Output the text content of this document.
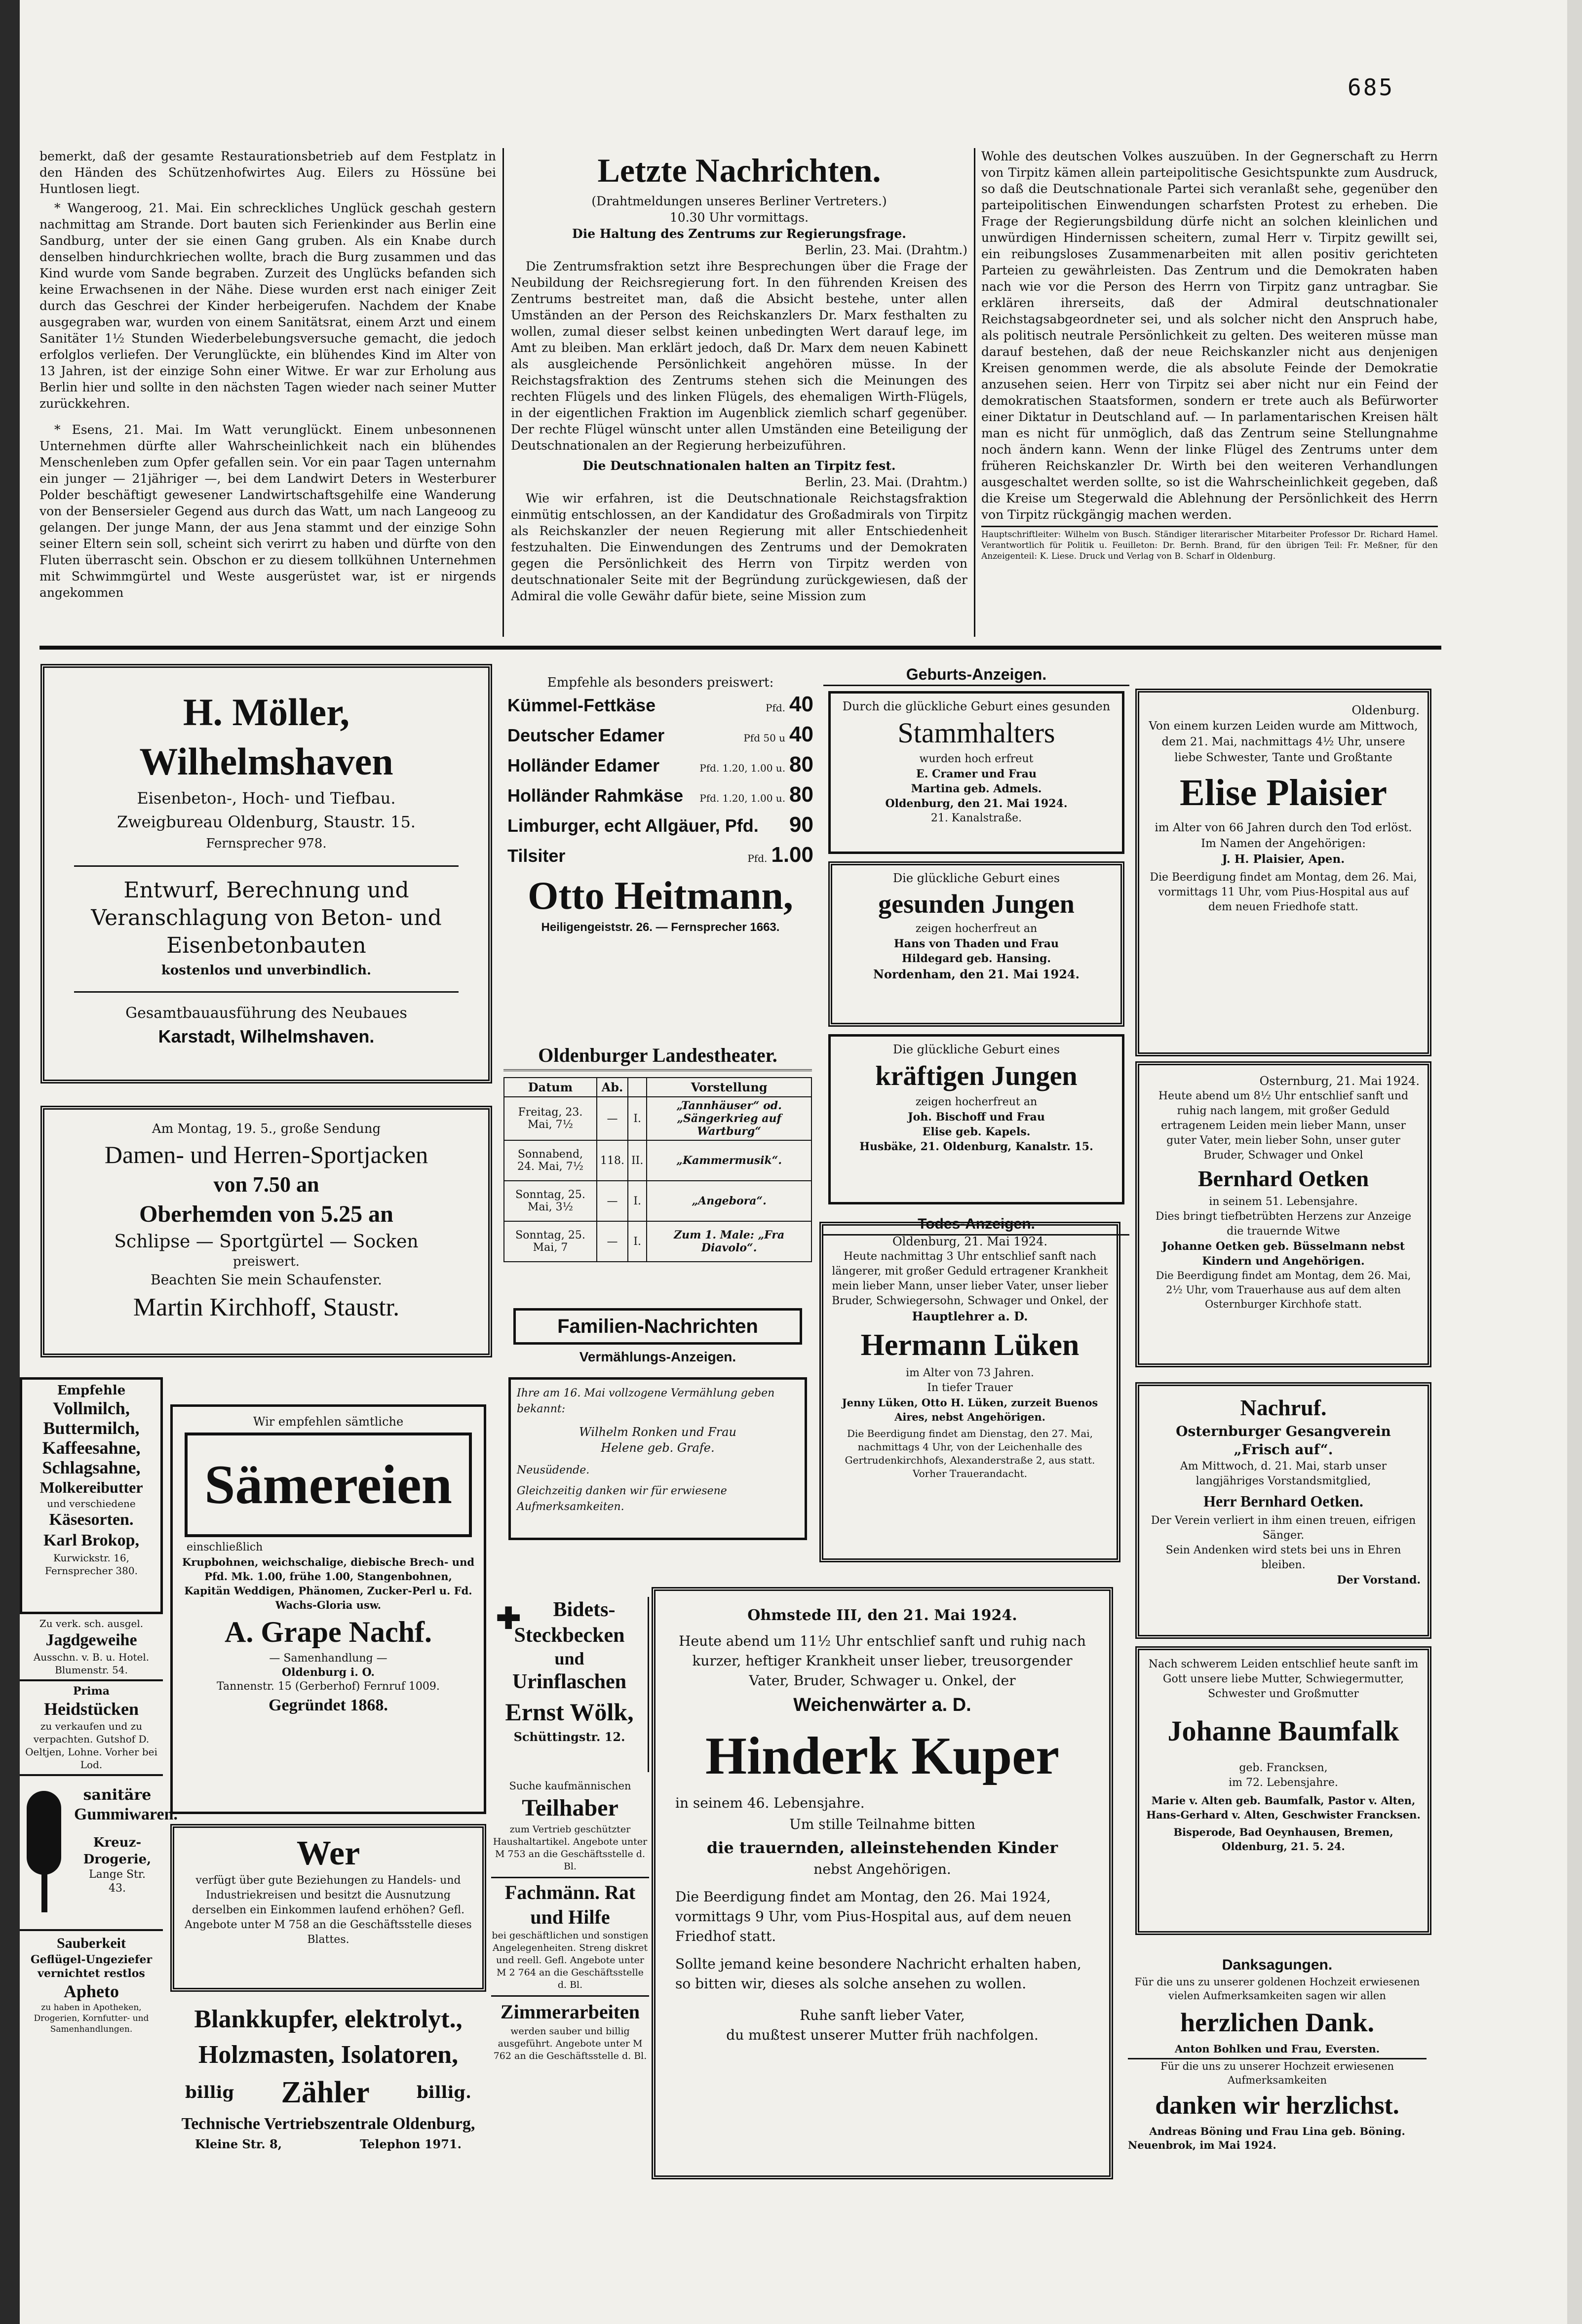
685

bemerkt, daß der gesamte Restaurationsbetrieb auf dem Festplatz in den Händen des Schützenhofwirtes Aug. Eilers zu Hössüne bei Huntlosen liegt.

* Wangeroog, 21. Mai. Ein schreckliches Unglück geschah gestern nachmittag am Strande. Dort bauten sich Ferienkinder aus Berlin eine Sandburg, unter der sie einen Gang gruben. Als ein Knabe durch denselben hindurchkriechen wollte, brach die Burg zusammen und das Kind wurde vom Sande begraben. Zurzeit des Unglücks befanden sich keine Erwachsenen in der Nähe. Diese wurden erst nach einiger Zeit durch das Geschrei der Kinder herbeigerufen. Nachdem der Knabe ausgegraben war, wurden von einem Sanitätsrat, einem Arzt und einem Sanitäter 1½ Stunden Wiederbelebungsversuche gemacht, die jedoch erfolglos verliefen. Der Verunglückte, ein blühendes Kind im Alter von 13 Jahren, ist der einzige Sohn einer Witwe. Er war zur Erholung aus Berlin hier und sollte in den nächsten Tagen wieder nach seiner Mutter zurückkehren.

* Esens, 21. Mai. Im Watt verunglückt. Einem unbesonnenen Unternehmen dürfte aller Wahrscheinlichkeit nach ein blühendes Menschenleben zum Opfer gefallen sein. Vor ein paar Tagen unternahm ein junger — 21jähriger —, bei dem Landwirt Deters in Westerburer Polder beschäftigt gewesener Landwirtschaftsgehilfe eine Wanderung von der Bensersieler Gegend aus durch das Watt, um nach Langeoog zu gelangen. Der junge Mann, der aus Jena stammt und der einzige Sohn seiner Eltern sein soll, scheint sich verirrt zu haben und dürfte von den Fluten überrascht sein. Obschon er zu diesem tollkühnen Unternehmen mit Schwimmgürtel und Weste ausgerüstet war, ist er nirgends angekommen

Letzte Nachrichten.
(Drahtmeldungen unseres Berliner Vertreters.)
10.30 Uhr vormittags.
Die Haltung des Zentrums zur Regierungsfrage.
Berlin, 23. Mai. (Drahtm.)

Die Zentrumsfraktion setzt ihre Besprechungen über die Frage der Neubildung der Reichsregierung fort. In den führenden Kreisen des Zentrums bestreitet man, daß die Absicht bestehe, unter allen Umständen an der Person des Reichskanzlers Dr. Marx festhalten zu wollen, zumal dieser selbst keinen unbedingten Wert darauf lege, im Amt zu bleiben. Man erklärt jedoch, daß Dr. Marx dem neuen Kabinett als ausgleichende Persönlichkeit angehören müsse. In der Reichstagsfraktion des Zentrums stehen sich die Meinungen des rechten Flügels und des linken Flügels, des ehemaligen Wirth-Flügels, in der eigentlichen Fraktion im Augenblick ziemlich scharf gegenüber. Der rechte Flügel wünscht unter allen Umständen eine Beteiligung der Deutschnationalen an der Regierung herbeizuführen.

Die Deutschnationalen halten an Tirpitz fest.
Berlin, 23. Mai. (Drahtm.)

Wie wir erfahren, ist die Deutschnationale Reichstagsfraktion einmütig entschlossen, an der Kandidatur des Großadmirals von Tirpitz als Reichskanzler der neuen Regierung mit aller Entschiedenheit festzuhalten. Die Einwendungen des Zentrums und der Demokraten gegen die Persönlichkeit des Herrn von Tirpitz werden von deutschnationaler Seite mit der Begründung zurückgewiesen, daß der Admiral die volle Gewähr dafür biete, seine Mission zum

Wohle des deutschen Volkes auszuüben. In der Gegnerschaft zu Herrn von Tirpitz kämen allein parteipolitische Gesichtspunkte zum Ausdruck, so daß die Deutschnationale Partei sich veranlaßt sehe, gegenüber den parteipolitischen Einwendungen scharfsten Protest zu erheben. Die Frage der Regierungsbildung dürfe nicht an solchen kleinlichen und unwürdigen Hindernissen scheitern, zumal Herr v. Tirpitz gewillt sei, ein reibungsloses Zusammenarbeiten mit allen positiv gerichteten Parteien zu gewährleisten. Das Zentrum und die Demokraten haben nach wie vor die Person des Herrn von Tirpitz ganz untragbar. Sie erklären ihrerseits, daß der Admiral deutschnationaler Reichstagsabgeordneter sei, und als solcher nicht den Anspruch habe, als politisch neutrale Persönlichkeit zu gelten. Des weiteren müsse man darauf bestehen, daß der neue Reichskanzler nicht aus denjenigen Kreisen genommen werde, die als absolute Feinde der Demokratie anzusehen seien. Herr von Tirpitz sei aber nicht nur ein Feind der demokratischen Staatsformen, sondern er trete auch als Befürworter einer Diktatur in Deutschland auf. — In parlamentarischen Kreisen hält man es nicht für unmöglich, daß das Zentrum seine Stellungnahme noch ändern kann. Wenn der linke Flügel des Zentrums unter dem früheren Reichskanzler Dr. Wirth bei den weiteren Verhandlungen ausgeschaltet werden sollte, so ist die Wahrscheinlichkeit gegeben, daß die Kreise um Stegerwald die Ablehnung der Persönlichkeit des Herrn von Tirpitz rückgängig machen werden.

Hauptschriftleiter: Wilhelm von Busch. Ständiger literarischer Mitarbeiter Professor Dr. Richard Hamel. Verantwortlich für Politik u. Feuilleton: Dr. Bernh. Brand, für den übrigen Teil: Fr. Meßner, für den Anzeigenteil: K. Liese. Druck und Verlag von B. Scharf in Oldenburg.
H. Möller, Wilhelmshaven
Eisenbeton-, Hoch- und Tiefbau.
Zweigbureau Oldenburg, Staustr. 15.
Fernsprecher 978.
Entwurf, Berechnung und
Veranschlagung von Beton- und
Eisenbetonbauten
kostenlos und unverbindlich.
Gesamtbauausführung des Neubaues
Karstadt, Wilhelmshaven.
Empfehle als besonders preiswert:
Kümmel-Fettkäse	Pfd. 40
Deutscher Edamer	Pfd 50 u 40
Holländer Edamer	Pfd. 1.20, 1.00 u. 80
Holländer Rahmkäse Pfd. 1.20, 1.00 u. 80
Limburger, echt Allgäuer, Pfd. 90
Tilsiter	Pfd. 1.00
Otto Heitmann,
Heiligengeiststr. 26. — Fernsprecher 1663.
Geburts-Anzeigen.
Durch die glückliche Geburt eines gesunden
Stammhalters
wurden hoch erfreut
E. Cramer und Frau
Martina geb. Admels.
Oldenburg, den 21. Mai 1924.
21. Kanalstraße.
Die glückliche Geburt eines
gesunden Jungen
zeigen hocherfreut an
Hans von Thaden und Frau
Hildegard geb. Hansing.
Nordenham, den 21. Mai 1924.
Die glückliche Geburt eines
kräftigen Jungen
zeigen hocherfreut an
Joh. Bischoff und Frau
Elise geb. Kapels.
Husbäke, 21. Oldenburg, Kanalstr. 15.
Todes-Anzeigen.
Oldenburg.
Von einem kurzen Leiden wurde am Mittwoch, dem 21. Mai, nachmittags 4½ Uhr, unsere liebe Schwester, Tante und Großtante
Elise Plaisier
im Alter von 66 Jahren durch den Tod erlöst.
Im Namen der Angehörigen:
J. H. Plaisier, Apen.
Die Beerdigung findet am Montag, dem 26. Mai, vormittags 11 Uhr, vom Pius-Hospital aus auf dem neuen Friedhofe statt.
Am Montag, 19. 5., große Sendung
Damen- und Herren-Sportjacken
von 7.50 an
Oberhemden von 5.25 an
Schlipse — Sportgürtel — Socken
preiswert.
Beachten Sie mein Schaufenster.
Martin Kirchhoff, Staustr.
Oldenburger Landestheater.
Datum	Ab.		Vorstellung
Freitag, 23. Mai, 7½	—	I.	„Tannhäuser“ od. „Sängerkrieg auf Wartburg“
Sonnabend, 24. Mai, 7½	118.	II.	„Kammermusik“.
Sonntag, 25. Mai, 3½	—	I.	„Angebora“.
Sonntag, 25. Mai, 7	—	I.	Zum 1. Male: „Fra Diavolo“.
Osternburg, 21. Mai 1924.
Heute abend um 8½ Uhr entschlief sanft und ruhig nach langem, mit großer Geduld ertragenem Leiden mein lieber Mann, unser guter Vater, mein lieber Sohn, unser guter Bruder, Schwager und Onkel
Bernhard Oetken
in seinem 51. Lebensjahre.
Dies bringt tiefbetrübten Herzens zur Anzeige die trauernde Witwe
Johanne Oetken geb. Büsselmann nebst Kindern und Angehörigen.
Die Beerdigung findet am Montag, dem 26. Mai, 2½ Uhr, vom Trauerhause aus auf dem alten Osternburger Kirchhofe statt.
Oldenburg, 21. Mai 1924.
Heute nachmittag 3 Uhr entschlief sanft nach längerer, mit großer Geduld ertragener Krankheit mein lieber Mann, unser lieber Vater, unser lieber Bruder, Schwiegersohn, Schwager und Onkel, der
Hauptlehrer a. D.
Hermann Lüken
im Alter von 73 Jahren.
In tiefer Trauer
Jenny Lüken, Otto H. Lüken, zurzeit Buenos Aires, nebst Angehörigen.
Die Beerdigung findet am Dienstag, den 27. Mai, nachmittags 4 Uhr, von der Leichenhalle des Gertrudenkirchhofs, Alexanderstraße 2, aus statt. Vorher Trauerandacht.
Familien-Nachrichten
Vermählungs-Anzeigen.
Ihre am 16. Mai vollzogene Vermählung geben bekannt:
Wilhelm Ronken und Frau
Helene geb. Grafe.
Neusüdende.
Gleichzeitig danken wir für erwiesene Aufmerksamkeiten.
Nachruf.
Osternburger Gesangverein
„Frisch auf“.
Am Mittwoch, d. 21. Mai, starb unser langjähriges Vorstandsmitglied,
Herr Bernhard Oetken.
Der Verein verliert in ihm einen treuen, eifrigen Sänger.
Sein Andenken wird stets bei uns in Ehren bleiben.
Der Vorstand.
Empfehle
Vollmilch,
Buttermilch,
Kaffeesahne,
Schlagsahne,
Molkereibutter
und verschiedene
Käsesorten.
Karl Brokop,
Kurwickstr. 16,
Fernsprecher 380.
Zu verk. sch. ausgel.
Jagdgeweihe
Ausschn. v. B. u. Hotel. Blumenstr. 54.
Prima
Heidstücken
zu verkaufen und zu verpachten. Gutshof D. Oeltjen, Lohne. Vorher bei Lod.
sanitäre
Gummiwaren.
Kreuz-
Drogerie,
Lange Str.
43.
Sauberkeit
Geflügel-Ungeziefer
vernichtet restlos
Apheto
zu haben in Apotheken, Drogerien, Kornfutter- und Samenhandlungen.
Wir empfehlen sämtliche
Sämereien
einschließlich
Krupbohnen, weichschalige, diebische Brech- und Pfd. Mk. 1.00, frühe 1.00, Stangenbohnen, Kapitän Weddigen, Phänomen, Zucker-Perl u. Fd. Wachs-Gloria usw.
A. Grape Nachf.
— Samenhandlung —
Oldenburg i. O.
Tannenstr. 15 (Gerberhof) Fernruf 1009.
Gegründet 1868.
✚	Bidets-
Steckbecken
und
Urinflaschen
Ernst Wölk,
Schüttingstr. 12.
Suche kaufmännischen
Teilhaber
zum Vertrieb geschützter Haushaltartikel. Angebote unter M 753 an die Geschäftsstelle d. Bl.
Fachmänn. Rat und Hilfe
bei geschäftlichen und sonstigen Angelegenheiten. Streng diskret und reell. Gefl. Angebote unter M 2 764 an die Geschäftsstelle d. Bl.
Zimmerarbeiten
werden sauber und billig ausgeführt. Angebote unter M 762 an die Geschäftsstelle d. Bl.
Wer
verfügt über gute Beziehungen zu Handels- und Industriekreisen und besitzt die Ausnutzung derselben ein Einkommen laufend erhöhen? Gefl. Angebote unter M 758 an die Geschäftsstelle dieses Blattes.
Blankkupfer, elektrolyt.,
Holzmasten, Isolatoren,
billig Zähler	billig.
Technische Vertriebszentrale Oldenburg,
Kleine Str. 8,	Telephon 1971.
Ohmstede III, den 21. Mai 1924.
Heute abend um 11½ Uhr entschlief sanft und ruhig nach kurzer, heftiger Krankheit unser lieber, treusorgender Vater, Bruder, Schwager u. Onkel, der
Weichenwärter a. D.
Hinderk Kuper
in seinem 46. Lebensjahre.
Um stille Teilnahme bitten
die trauernden, alleinstehenden Kinder
nebst Angehörigen.
Die Beerdigung findet am Montag, den 26. Mai 1924, vormittags 9 Uhr, vom Pius-Hospital aus, auf dem neuen Friedhof statt.
Sollte jemand keine besondere Nachricht erhalten haben, so bitten wir, dieses als solche ansehen zu wollen.
Ruhe sanft lieber Vater,
du mußtest unserer Mutter früh nachfolgen.
Nach schwerem Leiden entschlief heute sanft im Gott unsere liebe Mutter, Schwiegermutter, Schwester und Großmutter
Johanne Baumfalk
geb. Francksen,
im 72. Lebensjahre.
Marie v. Alten geb. Baumfalk, Pastor v. Alten, Hans-Gerhard v. Alten, Geschwister Francksen.
Bisperode, Bad Oeynhausen, Bremen, Oldenburg, 21. 5. 24.
Danksagungen.
Für die uns zu unserer goldenen Hochzeit erwiesenen vielen Aufmerksamkeiten sagen wir allen
herzlichen Dank.
Anton Bohlken und Frau, Eversten.
Für die uns zu unserer Hochzeit erwiesenen Aufmerksamkeiten
danken wir herzlichst.
Andreas Böning und Frau Lina geb. Böning.
Neuenbrok, im Mai 1924.
